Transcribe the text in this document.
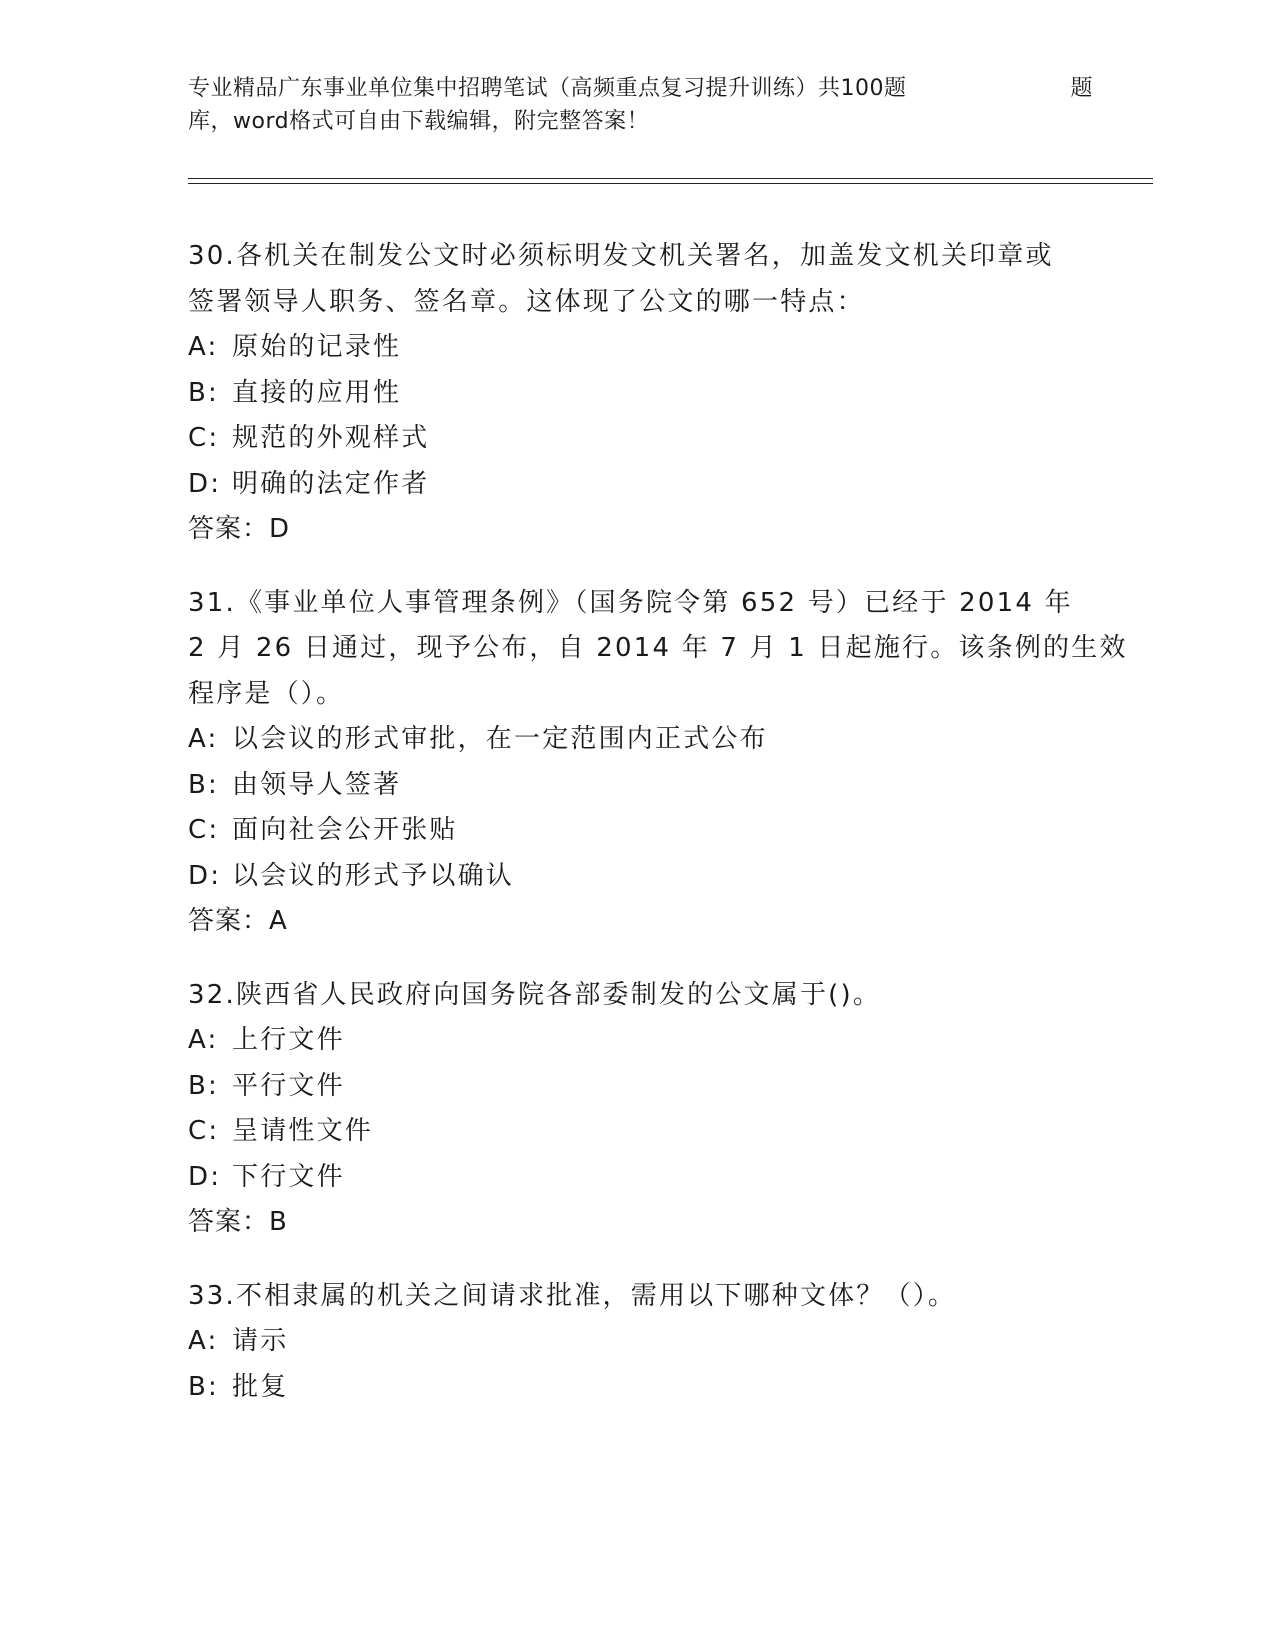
专业精品广东事业单位集中招聘笔试（高频重点复习提升训练）共100题	题
库，word格式可自由下载编辑，附完整答案！
30.各机关在制发公文时必须标明发文机关署名，加盖发文机关印章或
签署领导人职务、签名章。这体现了公文的哪一特点：
A: 原始的记录性
B: 直接的应用性
C: 规范的外观样式
D: 明确的法定作者
答案：D
31.《事业单位人事管理条例》（国务院令第 652 号）已经于 2014 年
2 月 26 日通过，现予公布，自 2014 年 7 月 1 日起施行。该条例的生效
程序是（）。
A: 以会议的形式审批，在一定范围内正式公布
B: 由领导人签著
C: 面向社会公开张贴
D: 以会议的形式予以确认
答案：A
32.陕西省人民政府向国务院各部委制发的公文属于()。
A: 上行文件
B: 平行文件
C: 呈请性文件
D: 下行文件
答案：B
33.不相隶属的机关之间请求批准，需用以下哪种文体？（）。
A: 请示
B: 批复
